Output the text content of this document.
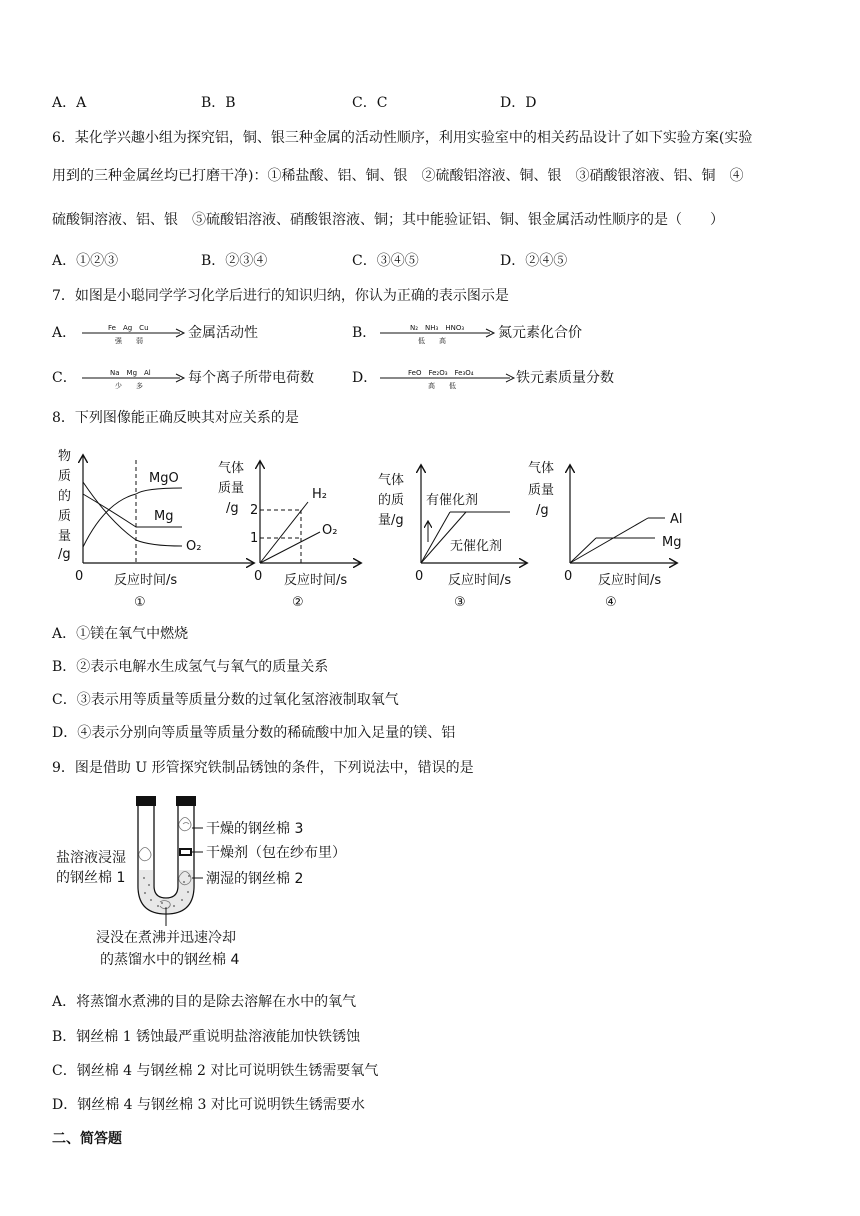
A．A	B．B	C．C	D．D
6．某化学兴趣小组为探究铝，铜、银三种金属的活动性顺序，利用实验室中的相关药品设计了如下实验方案(实验
用到的三种金属丝均已打磨干净)：①稀盐酸、铝、铜、银　②硫酸铝溶液、铜、银　③硝酸银溶液、铝、铜　④
硫酸铜溶液、铝、银　⑤硫酸铝溶液、硝酸银溶液、铜；其中能验证铝、铜、银金属活动性顺序的是（　　）
A．①②③	B．②③④	C．③④⑤	D．②④⑤
7．如图是小聪同学学习化学后进行的知识归纳，你认为正确的表示图示是
A．	Fe　Ag　Cu
强　　弱	金属活动性	B．	N₂　NH₃　HNO₃
低　　高	氮元素化合价
C．	Na　Mg　Al
少　　多	每个离子所带电荷数	D．	FeO　Fe₂O₃　Fe₃O₄
高　　低	铁元素质量分数
8．下列图像能正确反映其对应关系的是
物
质
的
质
量
/g
0 反应时间/s
①
MgO
Mg
O₂
气体
质量
/g 2
1
H₂
O₂
0 反应时间/s
②
气体
的质
量/g
有催化剂
无催化剂
0 反应时间/s
③
气体
质量
/g
Al
Mg
0 反应时间/s
④
A．①镁在氧气中燃烧
B．②表示电解水生成氢气与氧气的质量关系
C．③表示用等质量等质量分数的过氧化氢溶液制取氧气
D．④表示分别向等质量等质量分数的稀硫酸中加入足量的镁、铝
9．图是借助 U 形管探究铁制品锈蚀的条件，下列说法中，错误的是
干燥的钢丝棉 3
干燥剂（包在纱布里）
潮湿的钢丝棉 2
盐溶液浸湿
的钢丝棉 1
浸没在煮沸并迅速冷却
的蒸馏水中的钢丝棉 4
A．将蒸馏水煮沸的目的是除去溶解在水中的氧气
B．钢丝棉 1 锈蚀最严重说明盐溶液能加快铁锈蚀
C．钢丝棉 4 与钢丝棉 2 对比可说明铁生锈需要氧气
D．钢丝棉 4 与钢丝棉 3 对比可说明铁生锈需要水
二、简答题
